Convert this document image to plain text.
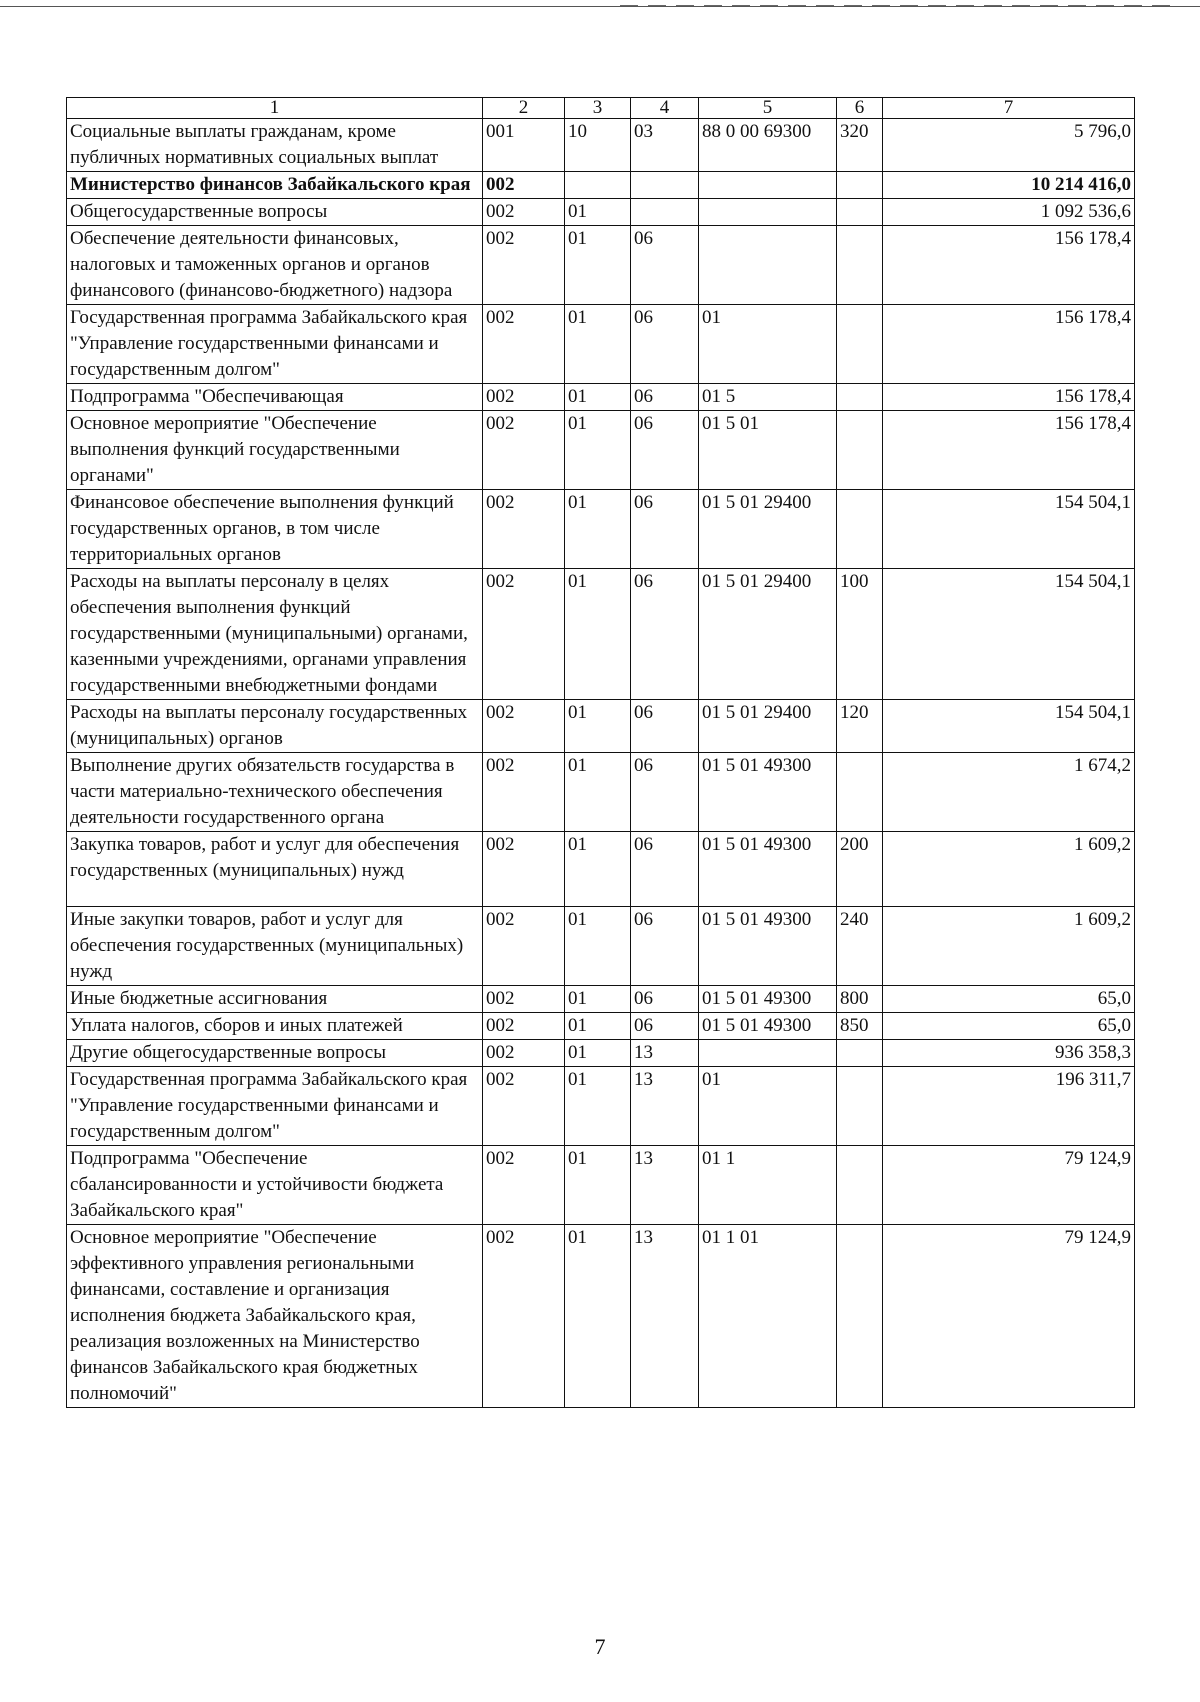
1	2	3	4	5	6	7
Социальные выплаты гражданам, кроме публичных нормативных социальных выплат	001	10	03	88 0 00 69300	320	5 796,0
Министерство финансов Забайкальского края	002					10 214 416,0
Общегосударственные вопросы	002	01				1 092 536,6
Обеспечение деятельности финансовых, налоговых и таможенных органов и органов финансового (финансово-бюджетного) надзора	002	01	06			156 178,4
Государственная программа Забайкальского края "Управление государственными финансами и государственным долгом"	002	01	06	01		156 178,4
Подпрограмма "Обеспечивающая	002	01	06	01 5		156 178,4
Основное мероприятие "Обеспечение выполнения функций государственными органами"	002	01	06	01 5 01		156 178,4
Финансовое обеспечение выполнения функций государственных органов, в том числе территориальных органов	002	01	06	01 5 01 29400		154 504,1
Расходы на выплаты персоналу в целях обеспечения выполнения функций государственными (муниципальными) органами, казенными учреждениями, органами управления государственными внебюджетными фондами	002	01	06	01 5 01 29400	100	154 504,1
Расходы на выплаты персоналу государственных (муниципальных) органов	002	01	06	01 5 01 29400	120	154 504,1
Выполнение других обязательств государства в части материально-технического обеспечения деятельности государственного органа	002	01	06	01 5 01 49300		1 674,2
Закупка товаров, работ и услуг для обеспечения государственных (муниципальных) нужд	002	01	06	01 5 01 49300	200	1 609,2
Иные закупки товаров, работ и услуг для обеспечения государственных (муниципальных) нужд	002	01	06	01 5 01 49300	240	1 609,2
Иные бюджетные ассигнования	002	01	06	01 5 01 49300	800	65,0
Уплата налогов, сборов и иных платежей	002	01	06	01 5 01 49300	850	65,0
Другие общегосударственные вопросы	002	01	13			936 358,3
Государственная программа Забайкальского края "Управление государственными финансами и государственным долгом"	002	01	13	01		196 311,7
Подпрограмма "Обеспечение сбалансированности и устойчивости бюджета Забайкальского края"	002	01	13	01 1		79 124,9
Основное мероприятие "Обеспечение эффективного управления региональными финансами, составление и организация исполнения бюджета Забайкальского края, реализация возложенных на Министерство финансов Забайкальского края бюджетных полномочий"	002	01	13	01 1 01		79 124,9
7
